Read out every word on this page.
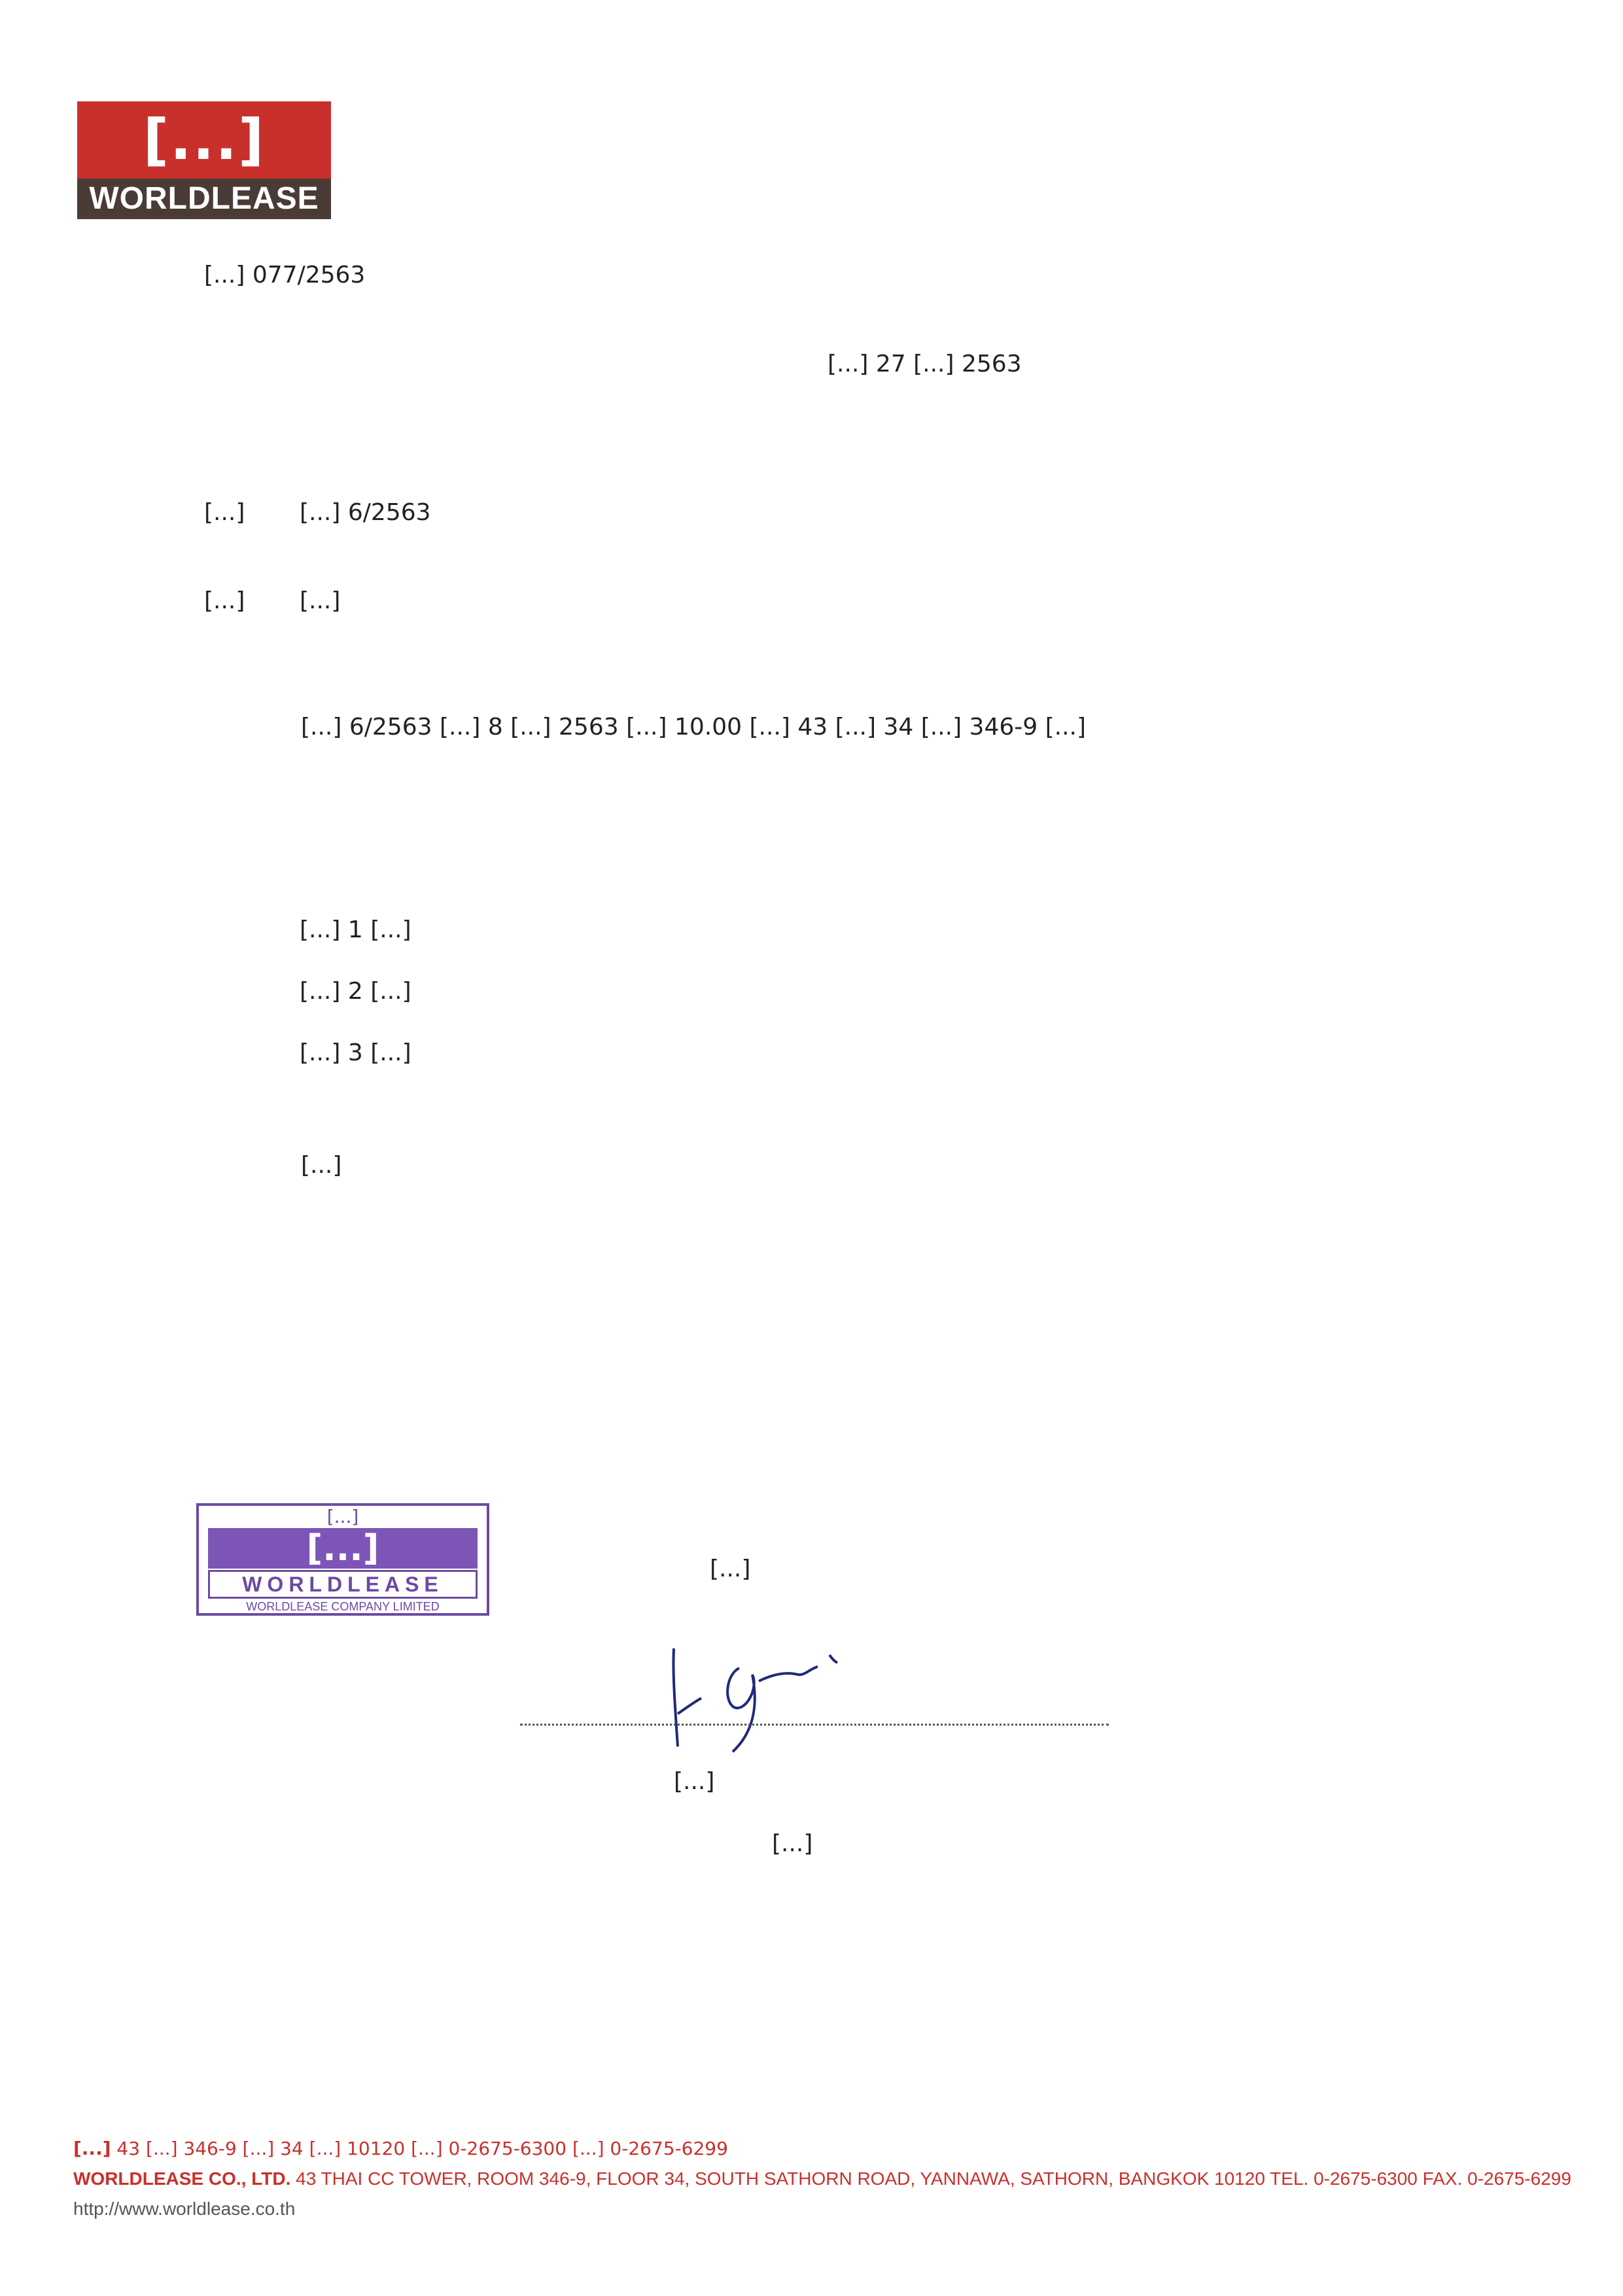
[...]
WORLDLEASE
[...] 077/2563
[...] 27 [...] 2563
[...] [...] 6/2563
[...] [...]
[...] 6/2563 [...] 8 [...] 2563 [...] 10.00 [...] 43 [...] 34 [...] 346-9 [...]
[...] 1 [...]
[...] 2 [...]
[...] 3 [...]
[...]
[...]
[...]
WORLDLEASE
WORLDLEASE COMPANY LIMITED
[...]
[...]
[...]
[...] 43 [...] 346-9 [...] 34 [...] 10120 [...] 0-2675-6300 [...] 0-2675-6299
WORLDLEASE CO., LTD. 43 THAI CC TOWER, ROOM 346-9, FLOOR 34, SOUTH SATHORN ROAD, YANNAWA, SATHORN, BANGKOK 10120 TEL. 0-2675-6300 FAX. 0-2675-6299
http://www.worldlease.co.th
